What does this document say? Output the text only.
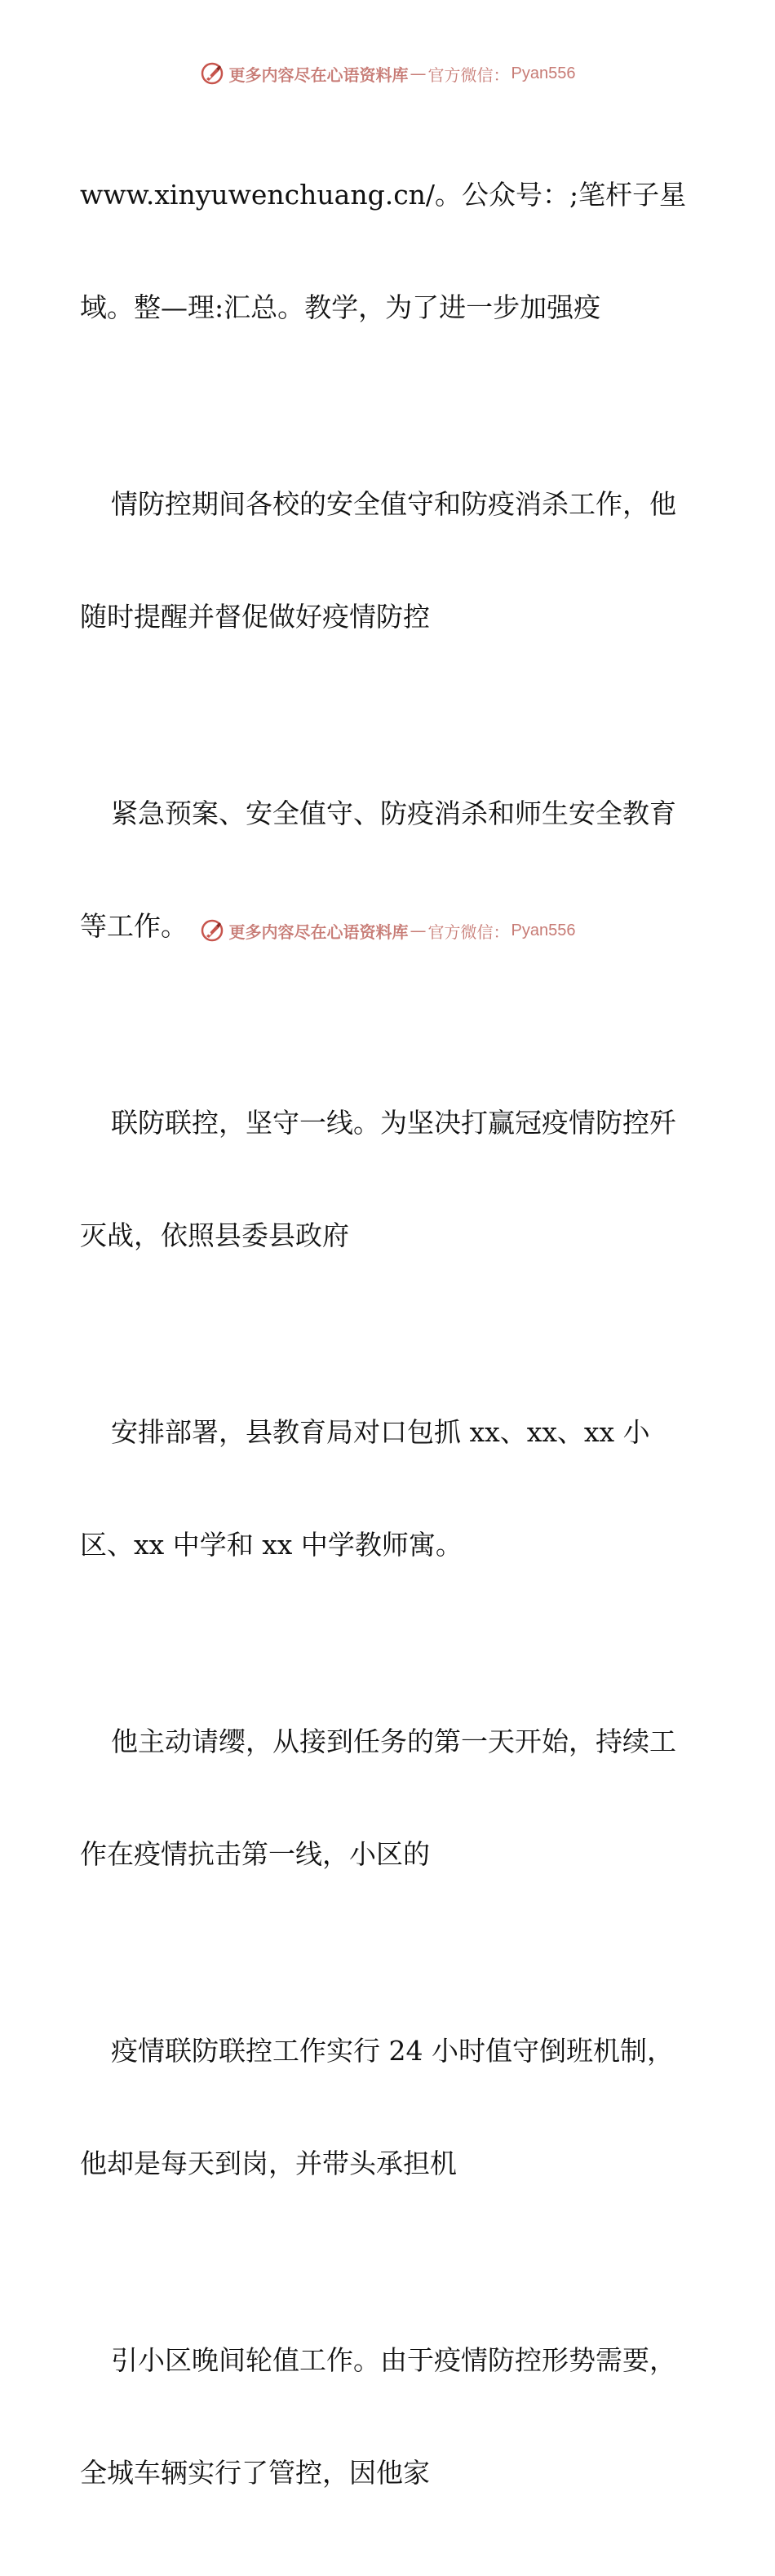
更多内容尽在心语资料库 — 官方微信： Pyan556

www.xinyuwenchuang.cn/。公众号：;笔杆子星

域。整—理:汇总。教学，为了进一步加强疫

情防控期间各校的安全值守和防疫消杀工作，他

随时提醒并督促做好疫情防控

紧急预案、安全值守、防疫消杀和师生安全教育

等工作。

联防联控，坚守一线。为坚决打赢冠疫情防控歼

灭战，依照县委县政府

安排部署，县教育局对口包抓 xx、xx、xx 小

区、xx 中学和 xx 中学教师寓。

他主动请缨，从接到任务的第一天开始，持续工

作在疫情抗击第一线，小区的

疫情联防联控工作实行 24 小时值守倒班机制，

他却是每天到岗，并带头承担机

引小区晚间轮值工作。由于疫情防控形势需要，

全城车辆实行了管控，因他家

更多内容尽在心语资料库 — 官方微信： Pyan556
